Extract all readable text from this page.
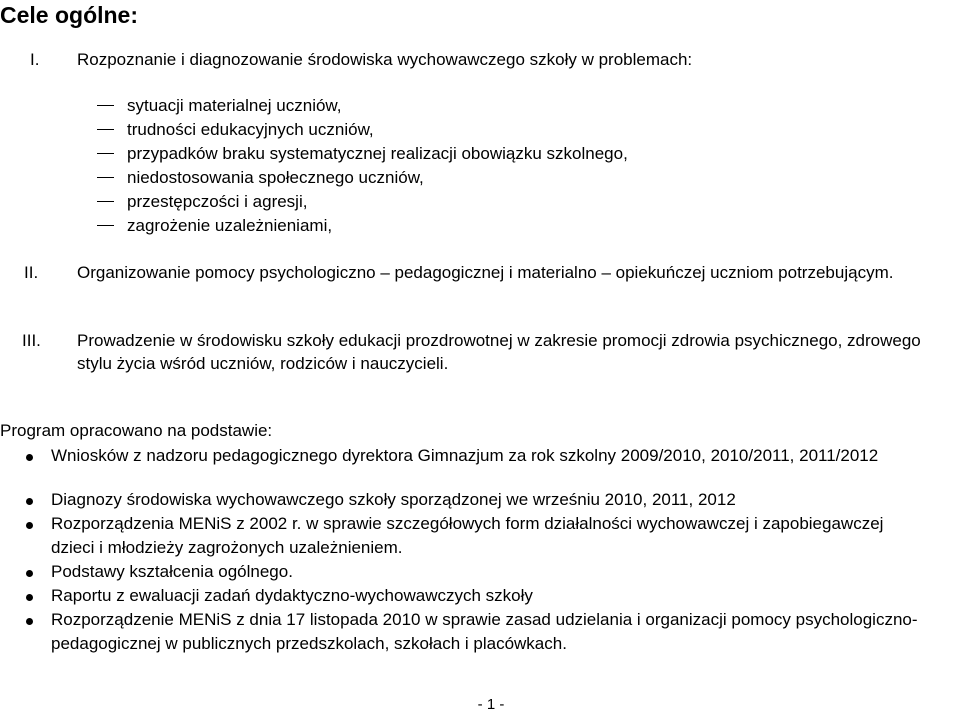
Cele ogólne:
I. Rozpoznanie i diagnozowanie środowiska wychowawczego szkoły w problemach:
sytuacji materialnej uczniów,
trudności edukacyjnych uczniów,
przypadków braku systematycznej realizacji obowiązku szkolnego,
niedostosowania społecznego uczniów,
przestępczości i agresji,
zagrożenie uzależnieniami,
II. Organizowanie pomocy psychologiczno – pedagogicznej i materialno – opiekuńczej uczniom potrzebującym.
III. Prowadzenie w środowisku szkoły edukacji prozdrowotnej w zakresie promocji zdrowia psychicznego, zdrowego stylu życia wśród uczniów, rodziców i nauczycieli.
Program opracowano na podstawie:
Wniosków z nadzoru pedagogicznego dyrektora Gimnazjum za rok szkolny 2009/2010, 2010/2011, 2011/2012
Diagnozy środowiska wychowawczego szkoły sporządzonej we wrześniu 2010, 2011, 2012
Rozporządzenia MENiS z 2002 r. w sprawie szczegółowych form działalności wychowawczej i zapobiegawczej dzieci i młodzieży zagrożonych uzależnieniem.
Podstawy kształcenia ogólnego.
Raportu z ewaluacji zadań dydaktyczno-wychowawczych szkoły
Rozporządzenie MENiS z dnia 17 listopada 2010 w sprawie zasad udzielania i organizacji pomocy psychologiczno-pedagogicznej w publicznych przedszkolach, szkołach i placówkach.
- 1 -
